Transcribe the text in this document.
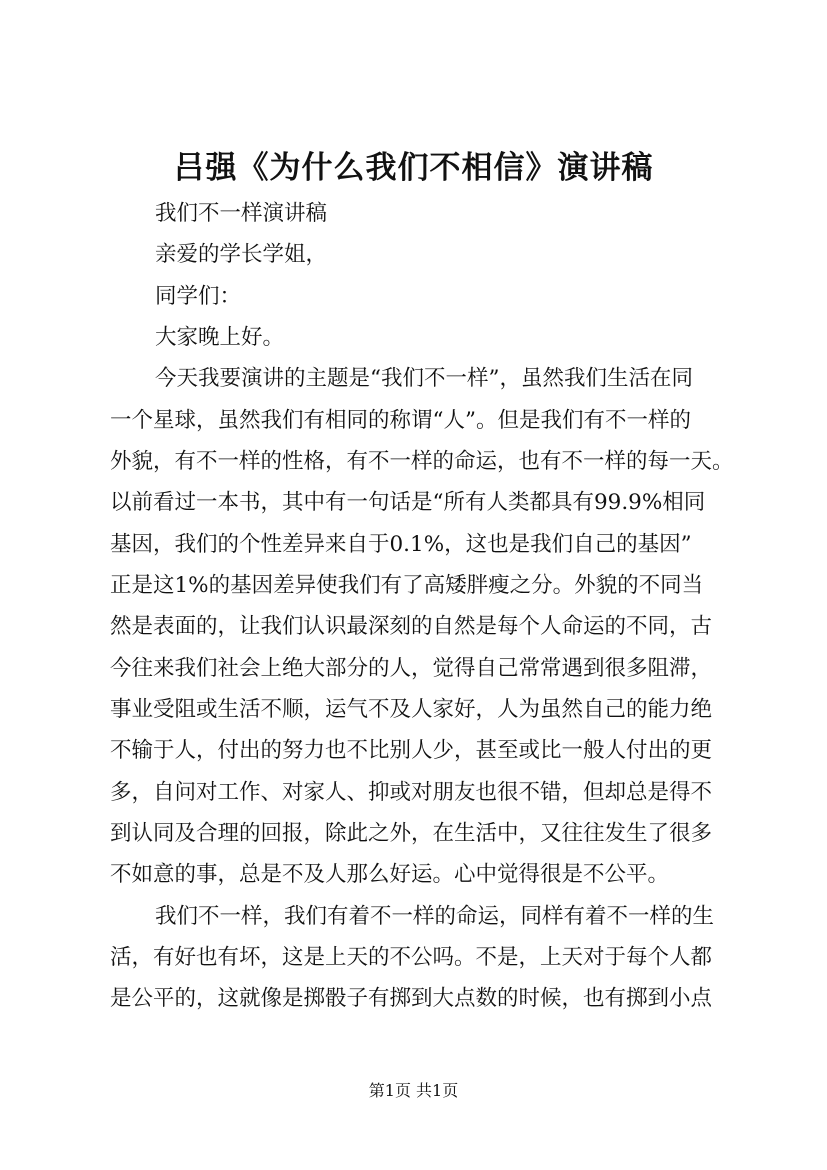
吕强《为什么我们不相信》演讲稿
我们不一样演讲稿
亲爱的学长学姐，
同学们：
大家晚上好。
今天我要演讲的主题是“我们不一样”，虽然我们生活在同
一个星球，虽然我们有相同的称谓“人”。但是我们有不一样的
外貌，有不一样的性格，有不一样的命运，也有不一样的每一天。
以前看过一本书，其中有一句话是“所有人类都具有99.9%相同
基因，我们的个性差异来自于0.1%，这也是我们自己的基因”
正是这1%的基因差异使我们有了高矮胖瘦之分。外貌的不同当
然是表面的，让我们认识最深刻的自然是每个人命运的不同，古
今往来我们社会上绝大部分的人，觉得自己常常遇到很多阻滞，
事业受阻或生活不顺，运气不及人家好，人为虽然自己的能力绝
不输于人，付出的努力也不比别人少，甚至或比一般人付出的更
多，自问对工作、对家人、抑或对朋友也很不错，但却总是得不
到认同及合理的回报，除此之外，在生活中，又往往发生了很多
不如意的事，总是不及人那么好运。心中觉得很是不公平。
我们不一样，我们有着不一样的命运，同样有着不一样的生
活，有好也有坏，这是上天的不公吗。不是，上天对于每个人都
是公平的，这就像是掷骰子有掷到大点数的时候，也有掷到小点
第1页 共1页
